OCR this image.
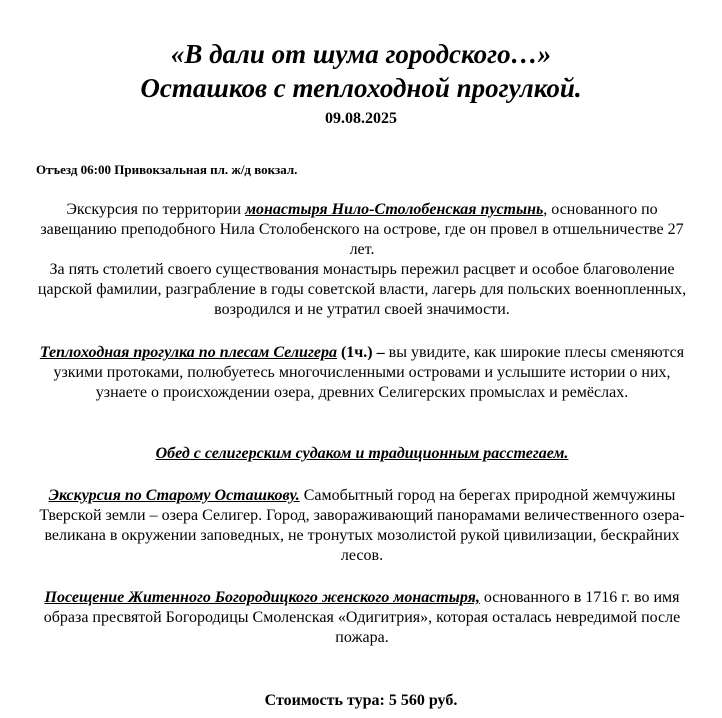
«В дали от шума городского…»
Осташков с теплоходной прогулкой.
09.08.2025
Отъезд 06:00 Привокзальная пл. ж/д вокзал.

Экскурсия по территории монастыря Нило-Столобенская пустынь, основанного по завещанию преподобного Нила Столобенского на острове, где он провел в отшельничестве 27 лет.

За пять столетий своего существования монастырь пережил расцвет и особое благоволение царской фамилии, разграбление в годы советской власти, лагерь для польских военнопленных, возродился и не утратил своей значимости.

Теплоходная прогулка по плесам Селигера (1ч.) – вы увидите, как широкие плесы сменяются узкими протоками, полюбуетесь многочисленными островами и услышите истории о них, узнаете о происхождении озера, древних Селигерских промыслах и ремёслах.

Обед с селигерским судаком и традиционным расстегаем.

Экскурсия по Старому Осташкову. Самобытный город на берегах природной жемчужины Тверской земли – озера Селигер. Город, завораживающий панорамами величественного озера-великана в окружении заповедных, не тронутых мозолистой рукой цивилизации, бескрайних лесов.

Посещение Житенного Богородицкого женского монастыря, основанного в 1716 г. во имя образа пресвятой Богородицы Смоленская «Одигитрия», которая осталась невредимой после пожара.

Стоимость тура: 5 560 руб.
